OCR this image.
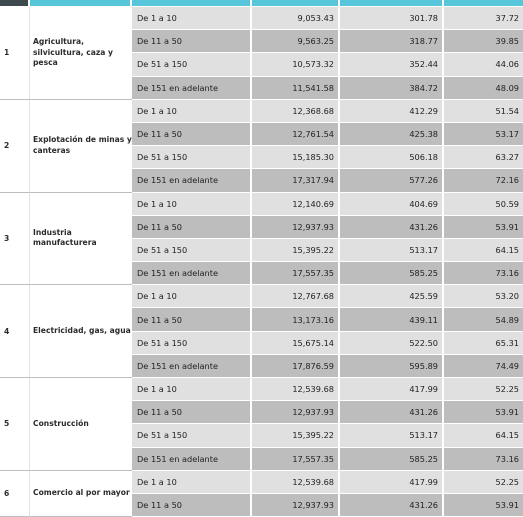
1	Agricultura, silvicultura, caza y pesca	De 1 a 10	9,053.43	301.78	37.72
		De 11 a 50	9,563.25	318.77	39.85
		De 51 a 150	10,573.32	352.44	44.06
		De 151 en adelante	11,541.58	384.72	48.09
2	Explotación de minas y canteras	De 1 a 10	12,368.68	412.29	51.54
		De 11 a 50	12,761.54	425.38	53.17
		De 51 a 150	15,185.30	506.18	63.27
		De 151 en adelante	17,317.94	577.26	72.16
3	Industria manufacturera	De 1 a 10	12,140.69	404.69	50.59
		De 11 a 50	12,937.93	431.26	53.91
		De 51 a 150	15,395.22	513.17	64.15
		De 151 en adelante	17,557.35	585.25	73.16
4	Electricidad, gas, agua	De 1 a 10	12,767.68	425.59	53.20
		De 11 a 50	13,173.16	439.11	54.89
		De 51 a 150	15,675.14	522.50	65.31
		De 151 en adelante	17,876.59	595.89	74.49
5	Construcción	De 1 a 10	12,539.68	417.99	52.25
		De 11 a 50	12,937.93	431.26	53.91
		De 51 a 150	15,395.22	513.17	64.15
		De 151 en adelante	17,557.35	585.25	73.16
6	Comercio al por mayor	De 1 a 10	12,539.68	417.99	52.25
		De 11 a 50	12,937.93	431.26	53.91
